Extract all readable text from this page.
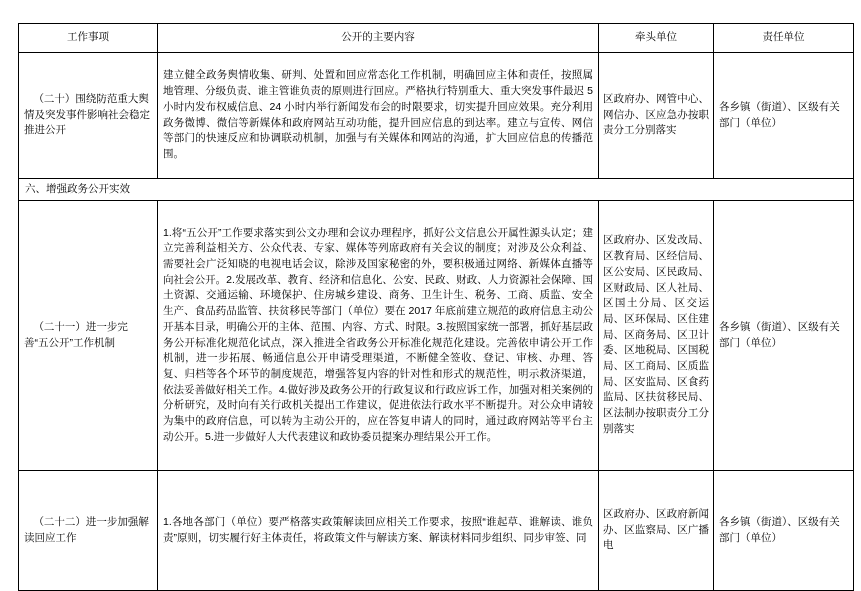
工作事项	公开的主要内容	牵头单位	责任单位
（二十）围绕防范重大舆情及突发事件影响社会稳定推进公开	建立健全政务舆情收集、研判、处置和回应常态化工作机制，明确回应主体和责任，按照属地管理、分级负责、谁主管谁负责的原则进行回应。严格执行特别重大、重大突发事件最迟 5 小时内发布权威信息、24 小时内举行新闻发布会的时限要求，切实提升回应效果。充分利用政务微博、微信等新媒体和政府网站互动功能，提升回应信息的到达率。建立与宣传、网信等部门的快速反应和协调联动机制，加强与有关媒体和网站的沟通，扩大回应信息的传播范围。	区政府办、网管中心、网信办、区应急办按职责分工分别落实	各乡镇（街道）、区级有关部门（单位）
六、增强政务公开实效			
（二十一）进一步完善“五公开”工作机制	1.将“五公开”工作要求落实到公文办理和会议办理程序，抓好公文信息公开属性源头认定；建立完善利益相关方、公众代表、专家、媒体等列席政府有关会议的制度；对涉及公众利益、需要社会广泛知晓的电视电话会议，除涉及国家秘密的外，要积极通过网络、新媒体直播等向社会公开。2.发展改革、教育、经济和信息化、公安、民政、财政、人力资源社会保障、国土资源、交通运输、环境保护、住房城乡建设、商务、卫生计生、税务、工商、质监、安全生产、食品药品监管、扶贫移民等部门（单位）要在 2017 年底前建立规范的政府信息主动公开基本目录，明确公开的主体、范围、内容、方式、时限。3.按照国家统一部署，抓好基层政务公开标准化规范化试点，深入推进全省政务公开标准化规范化建设。完善依申请公开工作机制，进一步拓展、畅通信息公开申请受理渠道，不断健全签收、登记、审核、办理、答复、归档等各个环节的制度规范，增强答复内容的针对性和形式的规范性，明示救济渠道，依法妥善做好相关工作。4.做好涉及政务公开的行政复议和行政应诉工作，加强对相关案例的分析研究，及时向有关行政机关提出工作建议，促进依法行政水平不断提升。对公众申请较为集中的政府信息，可以转为主动公开的，应在答复申请人的同时，通过政府网站等平台主动公开。5.进一步做好人大代表建议和政协委员提案办理结果公开工作。	区政府办、区发改局、区教育局、区经信局、区公安局、区民政局、区财政局、区人社局、区国土分局、区交运局、区环保局、区住建局、区商务局、区卫计委、区地税局、区国税局、区工商局、区质监局、区安监局、区食药监局、区扶贫移民局、区法制办按职责分工分别落实	各乡镇（街道）、区级有关部门（单位）
（二十二）进一步加强解读回应工作	1.各地各部门（单位）要严格落实政策解读回应相关工作要求，按照“谁起草、谁解读、谁负责”原则，切实履行好主体责任，将政策文件与解读方案、解读材料同步组织、同步审签、同	区政府办、区政府新闻办、区监察局、区广播电	各乡镇（街道）、区级有关部门（单位）
